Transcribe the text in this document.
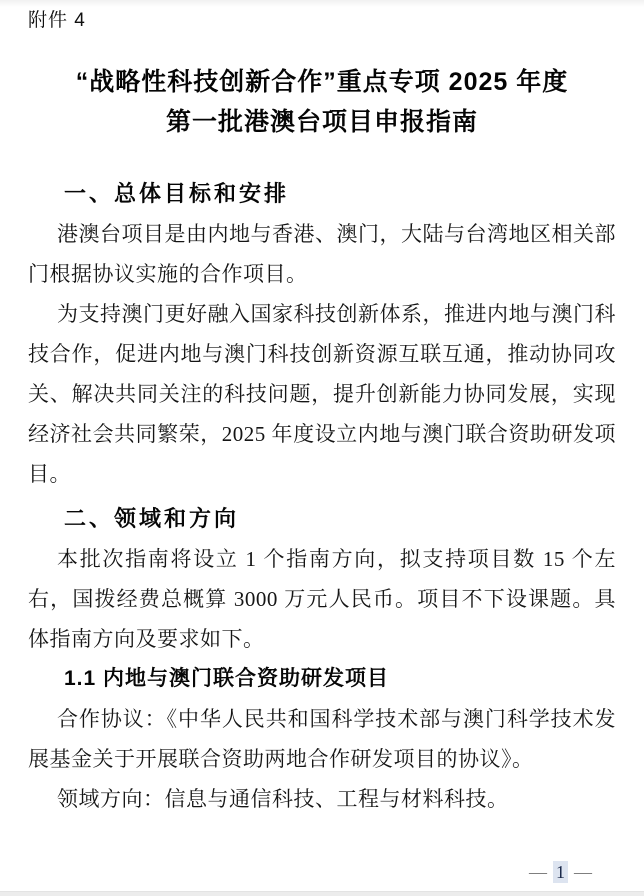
附件 4
“战略性科技创新合作”重点专项 2025 年度
第一批港澳台项目申报指南
一、总体目标和安排

港澳台项目是由内地与香港、澳门，大陆与台湾地区相关部门根据协议实施的合作项目。

为支持澳门更好融入国家科技创新体系，推进内地与澳门科技合作，促进内地与澳门科技创新资源互联互通，推动协同攻关、解决共同关注的科技问题，提升创新能力协同发展，实现经济社会共同繁荣，2025 年度设立内地与澳门联合资助研发项目。

二、领域和方向

本批次指南将设立 1 个指南方向，拟支持项目数 15 个左右，国拨经费总概算 3000 万元人民币。项目不下设课题。具体指南方向及要求如下。

1.1 内地与澳门联合资助研发项目

合作协议：《中华人民共和国科学技术部与澳门科学技术发展基金关于开展联合资助两地合作研发项目的协议》。

领域方向：信息与通信科技、工程与材料科技。

— 1 —
